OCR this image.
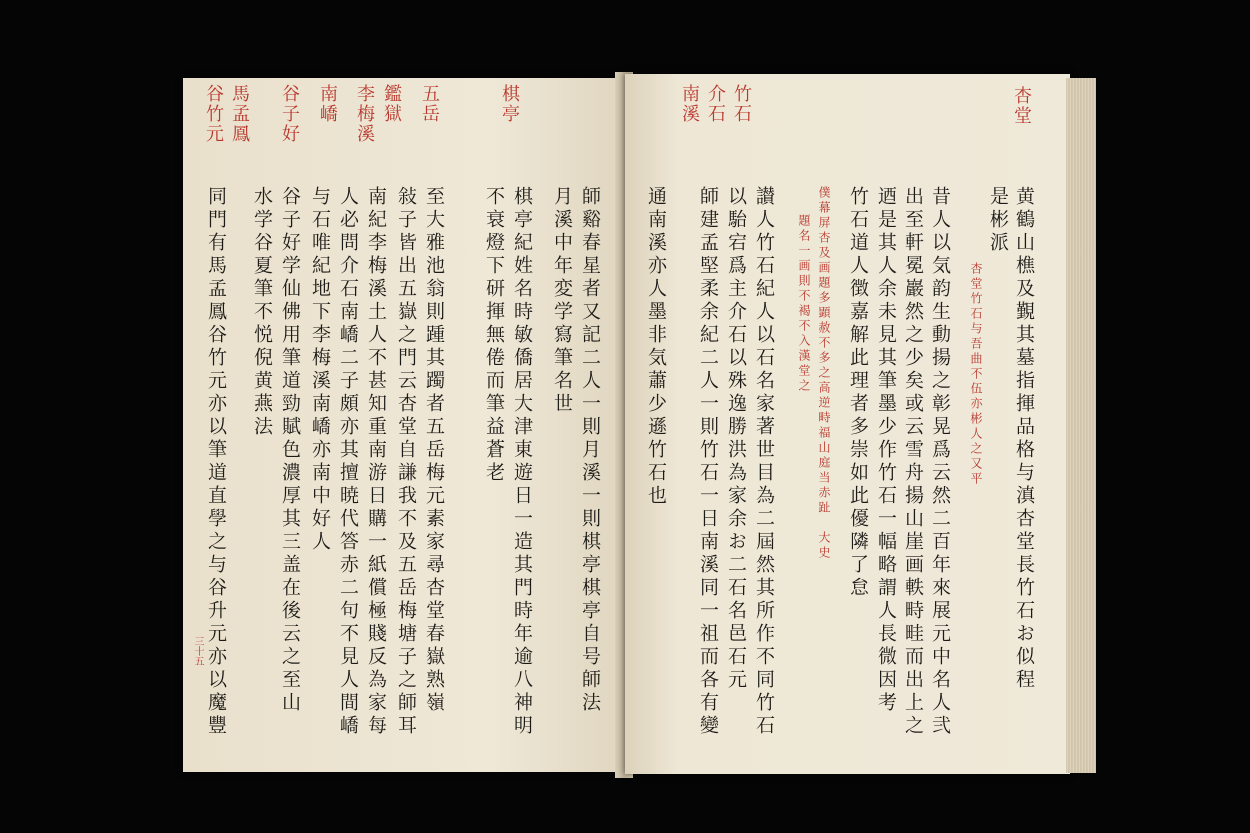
杏堂
竹石
介石
南溪
黄鶴山樵及覲其墓指揮品格与滇杏堂長竹石お似程
是彬派
杏堂竹石与吾曲不伍亦彬人之又平
昔人以気韵生動揚之彰晃爲云然二百年來展元中名人弐
出至軒冕巖然之少矣或云雪舟揚山崖画軼畤畦而出上之
迺是其人余未見其筆墨少作竹石一幅略謂人長微因考
竹石道人徴嘉解此理者多崇如此優隣了怠
僕幕屏杏及画題多顕赦不多之高逆畤福山庭当赤趾　大史
題名一画則不褐不入漢堂之
讃人竹石紀人以石名家著世目為二屆然其所作不同竹石
以駘宕爲主介石以殊逸勝洪為家余お二石名邑石元
師建孟堅柔余紀二人一則竹石一日南溪同一祖而各有變
通南溪亦人墨非気蕭少遜竹石也
棋亭
五岳
鑑獄
李梅溪
南嶠
谷子好
馬孟鳳
谷竹元
師谿春星者又記二人一則月溪一則棋亭棋亭自号師法
月溪中年変学寫筆名世
棋亭紀姓名時敏僑居大津東遊日一造其門時年逾八神明
不衰燈下研揮無倦而筆益蒼老
至大雅池翁則踵其躅者五岳梅元素家尋杏堂春嶽熟嶺
敍子皆出五嶽之門云杏堂自謙我不及五岳梅塘子之師耳
南紀李梅溪土人不甚知重南游日購一紙償極賤反為家每
人必問介石南嶠二子頗亦其擅暁代答赤二句不見人間嶠
与石唯紀地下李梅溪南嶠亦南中好人
谷子好学仙佛用筆道勁賦色濃厚其三盖在後云之至山
水学谷夏筆不悦倪黄燕法
同門有馬孟鳳谷竹元亦以筆道直學之与谷升元亦以魔豐
三十五
